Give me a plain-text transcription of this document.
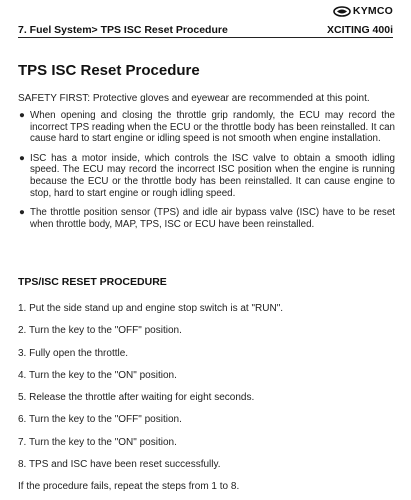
KYMCO
7. Fuel System> TPS ISC Reset Procedure	XCITING 400i
TPS ISC Reset Procedure
SAFETY FIRST: Protective gloves and eyewear are recommended at this point.
● When opening and closing the throttle grip randomly, the ECU may record the incorrect TPS reading when the ECU or the throttle body has been reinstalled. It can cause hard to start engine or idling speed is not smooth when engine installation.
● ISC has a motor inside, which controls the ISC valve to obtain a smooth idling speed. The ECU may record the incorrect ISC position when the engine is running because the ECU or the throttle body has been reinstalled. It can cause engine to stop, hard to start engine or rough idling speed.
● The throttle position sensor (TPS) and idle air bypass valve (ISC) have to be reset when throttle body, MAP, TPS, ISC or ECU have been reinstalled.
TPS/ISC RESET PROCEDURE
1. Put the side stand up and engine stop switch is at "RUN".
2. Turn the key to the "OFF" position.
3. Fully open the throttle.
4. Turn the key to the "ON" position.
5. Release the throttle after waiting for eight seconds.
6. Turn the key to the "OFF" position.
7. Turn the key to the "ON" position.
8. TPS and ISC have been reset successfully.
If the procedure fails, repeat the steps from 1 to 8.
